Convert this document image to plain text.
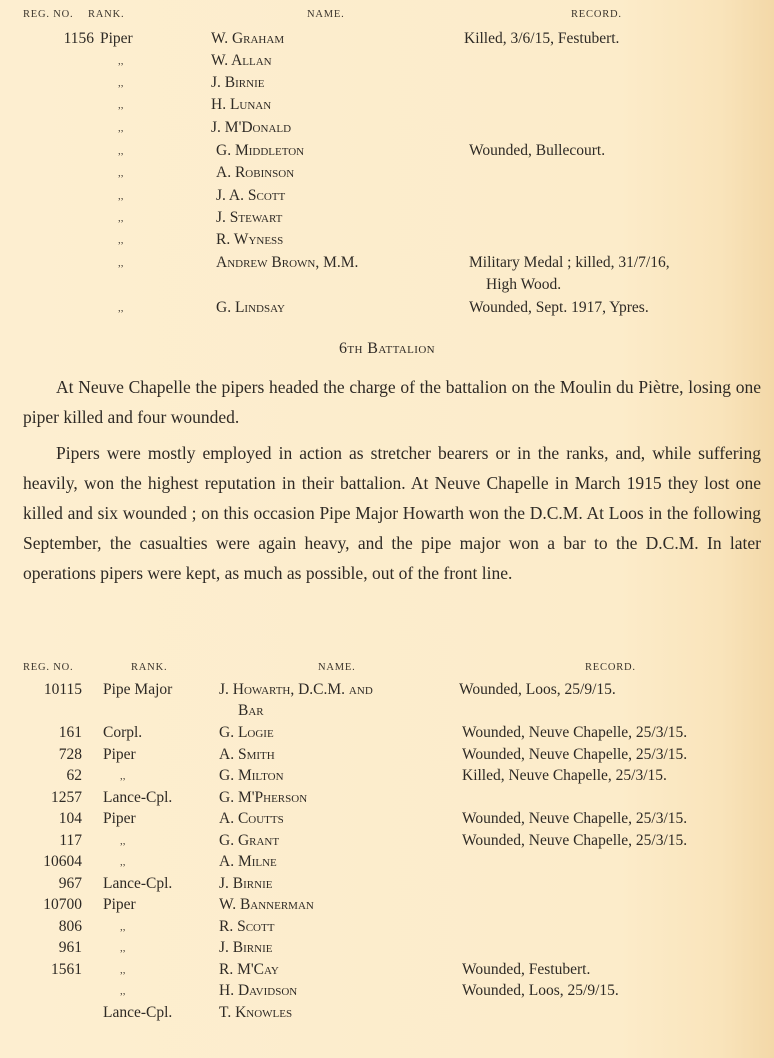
REG. NO. RANK.	NAME.	RECORD.
1156 Piper	W. Graham	Killed, 3/6/15, Festubert.
,,	W. Allan
,,	J. Birnie
,,	H. Lunan
,,	J. M'Donald
,,	G. Middleton	Wounded, Bullecourt.
,,	A. Robinson
,,	J. A. Scott
,,	J. Stewart
,,	R. Wyness
,,	Andrew Brown, M.M.	Military Medal ; killed, 31/7/16,
High Wood.
,,	G. Lindsay	Wounded, Sept. 1917, Ypres.
6th Battalion

At Neuve Chapelle the pipers headed the charge of the battalion on the Moulin du Piètre, losing one piper killed and four wounded.

Pipers were mostly employed in action as stretcher bearers or in the ranks, and, while suffering heavily, won the highest reputation in their battalion. At Neuve Chapelle in March 1915 they lost one killed and six wounded ; on this occasion Pipe Major Howarth won the D.C.M. At Loos in the following September, the casualties were again heavy, and the pipe major won a bar to the D.C.M. In later operations pipers were kept, as much as possible, out of the front line.

REG. NO.	RANK.	NAME.	RECORD.
10115 Pipe Major	J. Howarth, D.C.M. and	Wounded, Loos, 25/9/15.
Bar
161 Corpl.	G. Logie	Wounded, Neuve Chapelle, 25/3/15.
728 Piper	A. Smith	Wounded, Neuve Chapelle, 25/3/15.
62	,,	G. Milton	Killed, Neuve Chapelle, 25/3/15.
1257 Lance-Cpl.	G. M'Pherson
104 Piper	A. Coutts	Wounded, Neuve Chapelle, 25/3/15.
117	,,	G. Grant	Wounded, Neuve Chapelle, 25/3/15.
10604	,,	A. Milne
967 Lance-Cpl.	J. Birnie
10700 Piper	W. Bannerman
806	,,	R. Scott
961	,,	J. Birnie
1561	,,	R. M'Cay	Wounded, Festubert.
,,	H. Davidson	Wounded, Loos, 25/9/15.
Lance-Cpl.	T. Knowles
